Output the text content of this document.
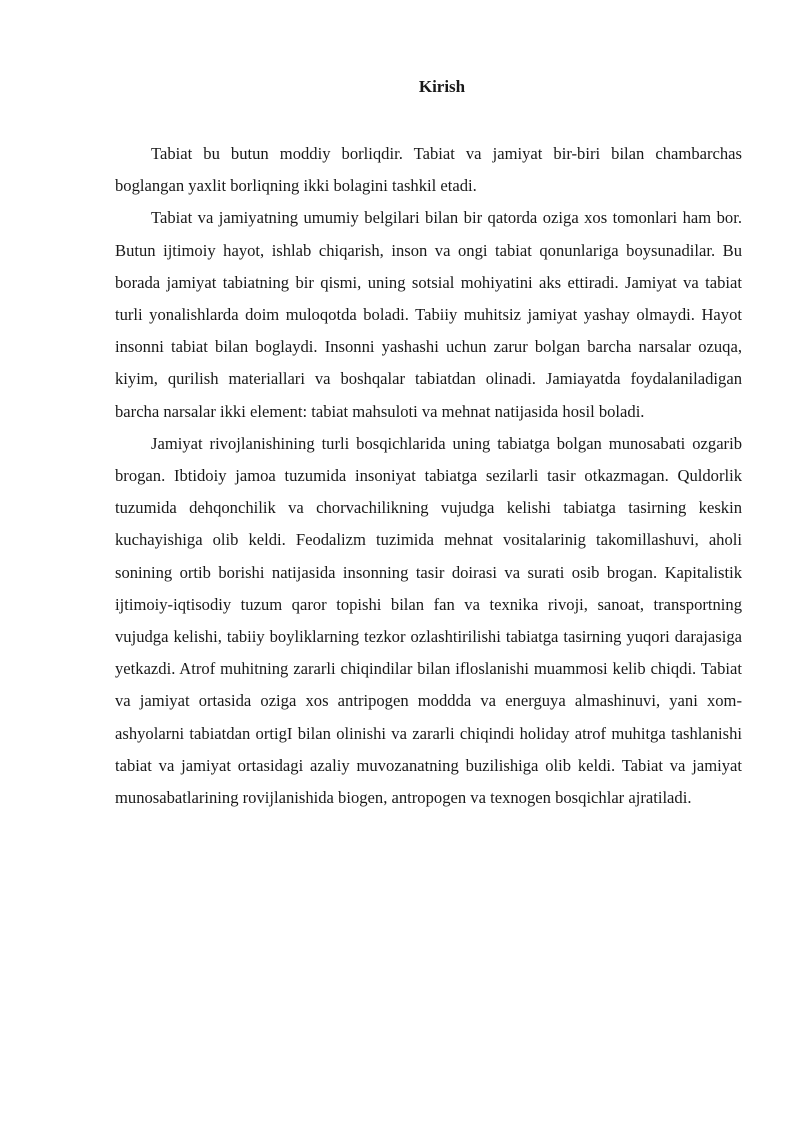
Kirish

Tabiat bu butun moddiy borliqdir. Tabiat va jamiyat bir-biri bilan chambarchas boglangan yaxlit borliqning ikki bolagini tashkil etadi.

Tabiat va jamiyatning umumiy belgilari bilan bir qatorda oziga xos tomonlari ham bor. Butun ijtimoiy hayot, ishlab chiqarish, inson va ongi tabiat qonunlariga boysunadilar. Bu borada jamiyat tabiatning bir qismi, uning sotsial mohiyatini aks ettiradi. Jamiyat va tabiat turli yonalishlarda doim muloqotda boladi. Tabiiy muhitsiz jamiyat yashay olmaydi. Hayot insonni tabiat bilan boglaydi. Insonni yashashi uchun zarur bolgan barcha narsalar ozuqa, kiyim, qurilish materiallari va boshqalar tabiatdan olinadi. Jamiayatda foydalaniladigan barcha narsalar ikki element: tabiat mahsuloti va mehnat natijasida hosil boladi.

Jamiyat rivojlanishining turli bosqichlarida uning tabiatga bolgan munosabati ozgarib brogan. Ibtidoiy jamoa tuzumida insoniyat tabiatga sezilarli tasir otkazmagan. Quldorlik tuzumida dehqonchilik va chorvachilikning vujudga kelishi tabiatga tasirning keskin kuchayishiga olib keldi. Feodalizm tuzimida mehnat vositalarinig takomillashuvi, aholi sonining ortib borishi natijasida insonning tasir doirasi va surati osib brogan. Kapitalistik ijtimoiy-iqtisodiy tuzum qaror topishi bilan fan va texnika rivoji, sanoat, transportning vujudga kelishi, tabiiy boyliklarning tezkor ozlashtirilishi tabiatga tasirning yuqori darajasiga yetkazdi. Atrof muhitning zararli chiqindilar bilan ifloslanishi muammosi kelib chiqdi. Tabiat va jamiyat ortasida oziga xos antripogen moddda va energuya almashinuvi, yani xom-ashyolarni tabiatdan ortigI bilan olinishi va zararli chiqindi holiday atrof muhitga tashlanishi tabiat va jamiyat ortasidagi azaliy muvozanatning buzilishiga olib keldi. Tabiat va jamiyat munosabatlarining rovijlanishida biogen, antropogen va texnogen bosqichlar ajratiladi.
